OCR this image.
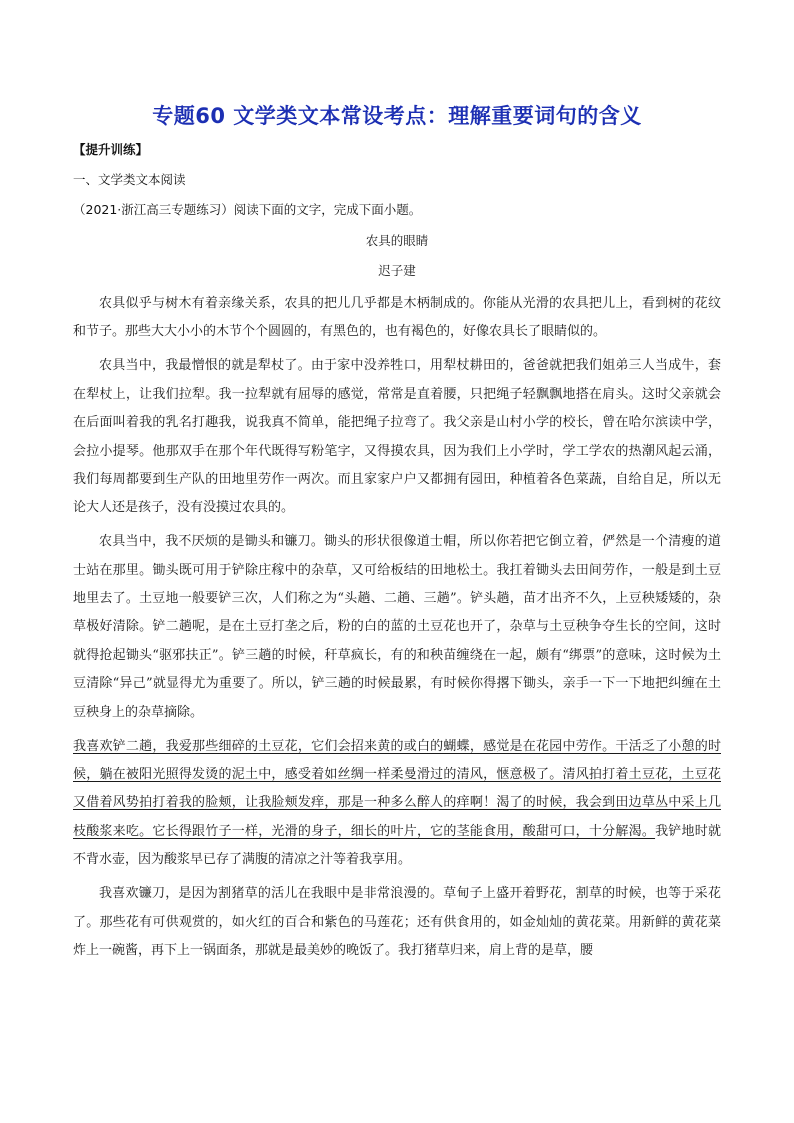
专题60 文学类文本常设考点：理解重要词句的含义
【提升训练】
一、文学类文本阅读
（2021·浙江高三专题练习）阅读下面的文字，完成下面小题。
农具的眼睛
迟子建

农具似乎与树木有着亲缘关系，农具的把儿几乎都是木柄制成的。你能从光滑的农具把儿上，看到树的花纹和节子。那些大大小小的木节个个圆圆的，有黑色的，也有褐色的，好像农具长了眼睛似的。

农具当中，我最憎恨的就是犁杖了。由于家中没养牲口，用犁杖耕田的，爸爸就把我们姐弟三人当成牛，套在犁杖上，让我们拉犁。我一拉犁就有屈辱的感觉，常常是直着腰，只把绳子轻飘飘地搭在肩头。这时父亲就会在后面叫着我的乳名打趣我，说我真不简单，能把绳子拉弯了。我父亲是山村小学的校长，曾在哈尔滨读中学，会拉小提琴。他那双手在那个年代既得写粉笔字，又得摸农具，因为我们上小学时，学工学农的热潮风起云涌，我们每周都要到生产队的田地里劳作一两次。而且家家户户又都拥有园田，种植着各色菜蔬，自给自足，所以无论大人还是孩子，没有没摸过农具的。

农具当中，我不厌烦的是锄头和镰刀。锄头的形状很像道士帽，所以你若把它倒立着，俨然是一个清瘦的道士站在那里。锄头既可用于铲除庄稼中的杂草，又可给板结的田地松土。我扛着锄头去田间劳作，一般是到土豆地里去了。土豆地一般要铲三次，人们称之为“头趟、二趟、三趟”。铲头趟，苗才出齐不久，上豆秧矮矮的，杂草极好清除。铲二趟呢，是在土豆打垄之后，粉的白的蓝的土豆花也开了，杂草与土豆秧争夺生长的空间，这时就得抢起锄头“驱邪扶正”。铲三趟的时候，秆草疯长，有的和秧苗缠绕在一起，颇有“绑票”的意味，这时候为土豆清除“异己”就显得尤为重要了。所以，铲三趟的时候最累，有时候你得撂下锄头，亲手一下一下地把纠缠在土豆秧身上的杂草摘除。

我喜欢铲二趟，我爱那些细碎的土豆花，它们会招来黄的或白的蝴蝶，感觉是在花园中劳作。干活乏了小憩的时候，躺在被阳光照得发烫的泥土中，感受着如丝绸一样柔曼滑过的清风，惬意极了。清风拍打着土豆花，土豆花又借着风势拍打着我的脸颊，让我脸颊发痒，那是一种多么醉人的痒啊！渴了的时候，我会到田边草丛中采上几枝酸浆来吃。它长得跟竹子一样，光滑的身子，细长的叶片，它的茎能食用，酸甜可口，十分解渴。我铲地时就不背水壶，因为酸浆早已存了满腹的清凉之汁等着我享用。

我喜欢镰刀，是因为割猪草的活儿在我眼中是非常浪漫的。草甸子上盛开着野花，割草的时候，也等于采花了。那些花有可供观赏的，如火红的百合和紫色的马莲花；还有供食用的，如金灿灿的黄花菜。用新鲜的黄花菜炸上一碗酱，再下上一锅面条，那就是最美妙的晚饭了。我打猪草归来，肩上背的是草，腰
